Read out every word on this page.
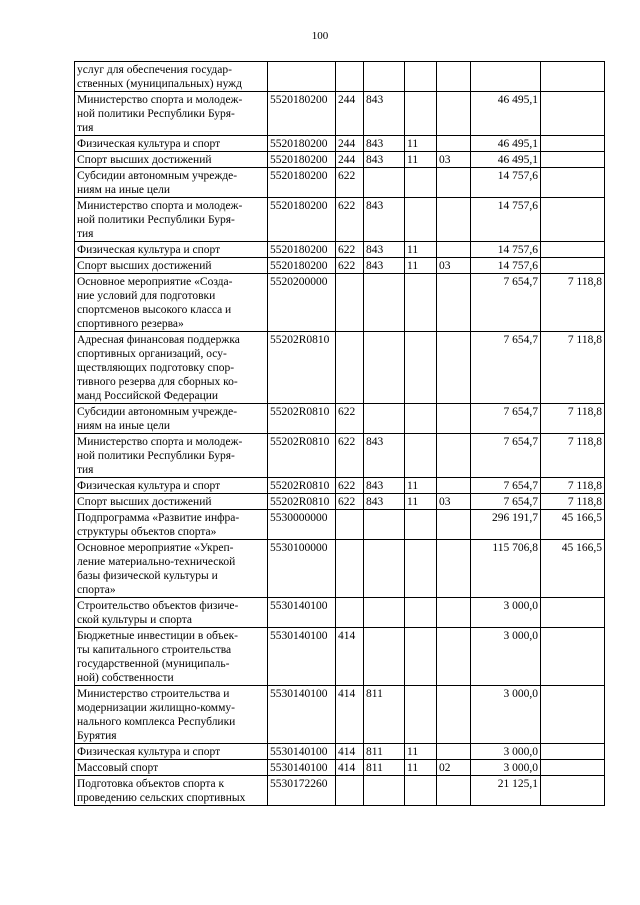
100
услуг для обеспечения государ-
ственных (муниципальных) нужд							
Министерство спорта и молодеж-
ной политики Республики Буря-
тия	5520180200	244	843			46 495,1	
Физическая культура и спорт	5520180200	244	843	11		46 495,1	
Спорт высших достижений	5520180200	244	843	11	03	46 495,1	
Субсидии автономным учрежде-
ниям на иные цели	5520180200	622				14 757,6	
Министерство спорта и молодеж-
ной политики Республики Буря-
тия	5520180200	622	843			14 757,6	
Физическая культура и спорт	5520180200	622	843	11		14 757,6	
Спорт высших достижений	5520180200	622	843	11	03	14 757,6	
Основное мероприятие «Созда-
ние условий для подготовки
спортсменов высокого класса и
спортивного резерва»	5520200000					7 654,7	7 118,8
Адресная финансовая поддержка
спортивных организаций, осу-
ществляющих подготовку спор-
тивного резерва для сборных ко-
манд Российской Федерации	55202R0810					7 654,7	7 118,8
Субсидии автономным учрежде-
ниям на иные цели	55202R0810	622				7 654,7	7 118,8
Министерство спорта и молодеж-
ной политики Республики Буря-
тия	55202R0810	622	843			7 654,7	7 118,8
Физическая культура и спорт	55202R0810	622	843	11		7 654,7	7 118,8
Спорт высших достижений	55202R0810	622	843	11	03	7 654,7	7 118,8
Подпрограмма «Развитие инфра-
структуры объектов спорта»	5530000000					296 191,7	45 166,5
Основное мероприятие «Укреп-
ление материально-технической
базы физической культуры и
спорта»	5530100000					115 706,8	45 166,5
Строительство объектов физиче-
ской культуры и спорта	5530140100					3 000,0	
Бюджетные инвестиции в объек-
ты капитального строительства
государственной (муниципаль-
ной) собственности	5530140100	414				3 000,0	
Министерство строительства и
модернизации жилищно-комму-
нального комплекса Республики
Бурятия	5530140100	414	811			3 000,0	
Физическая культура и спорт	5530140100	414	811	11		3 000,0	
Массовый спорт	5530140100	414	811	11	02	3 000,0	
Подготовка объектов спорта к
проведению сельских спортивных	5530172260					21 125,1	
